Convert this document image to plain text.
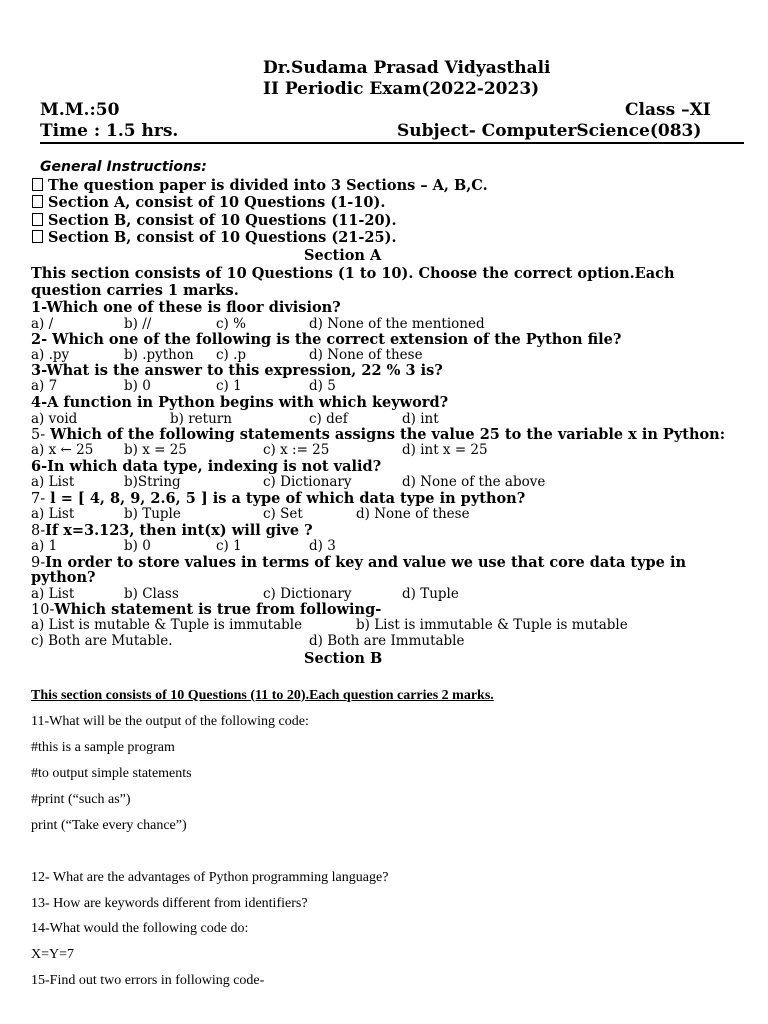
Dr.Sudama Prasad Vidyasthali
II Periodic Exam(2022-2023)
M.M.:50	Class –XI
Time : 1.5 hrs.	Subject- ComputerScience(083)
General Instructions:
The question paper is divided into 3 Sections – A, B,C.
Section A, consist of 10 Questions (1-10).
Section B, consist of 10 Questions (11-20).
Section B, consist of 10 Questions (21-25).
Section A
This section consists of 10 Questions (1 to 10). Choose the correct option.Each
question carries 1 marks.
1-Which one of these is floor division?
a) /	b) //	c) %	d) None of the mentioned
2- Which one of the following is the correct extension of the Python file?
a) .py	b) .python c) .p	d) None of these
3-What is the answer to this expression, 22 % 3 is?
a) 7	b) 0	c) 1	d) 5
4-A function in Python begins with which keyword?
a) void	b) return	c) def	d) int
5- Which of the following statements assigns the value 25 to the variable x in Python:
a) x ← 25 b) x = 25	c) x := 25	d) int x = 25
6-In which data type, indexing is not valid?
a) List	b)String	c) Dictionary	d) None of the above
7- l = [ 4, 8, 9, 2.6, 5 ] is a type of which data type in python?
a) List	b) Tuple	c) Set	d) None of these
8-If x=3.123, then int(x) will give ?
a) 1	b) 0	c) 1	d) 3
9-In order to store values in terms of key and value we use that core data type in
python?
a) List	b) Class	c) Dictionary	d) Tuple
10-Which statement is true from following-
a) List is mutable & Tuple is immutable	b) List is immutable & Tuple is mutable
c) Both are Mutable.	d) Both are Immutable
Section B
This section consists of 10 Questions (11 to 20).Each question carries 2 marks.
11-What will be the output of the following code:
#this is a sample program
#to output simple statements
#print (“such as”)
print (“Take every chance”)
12- What are the advantages of Python programming language?
13- How are keywords different from identifiers?
14-What would the following code do:
X=Y=7
15-Find out two errors in following code-
